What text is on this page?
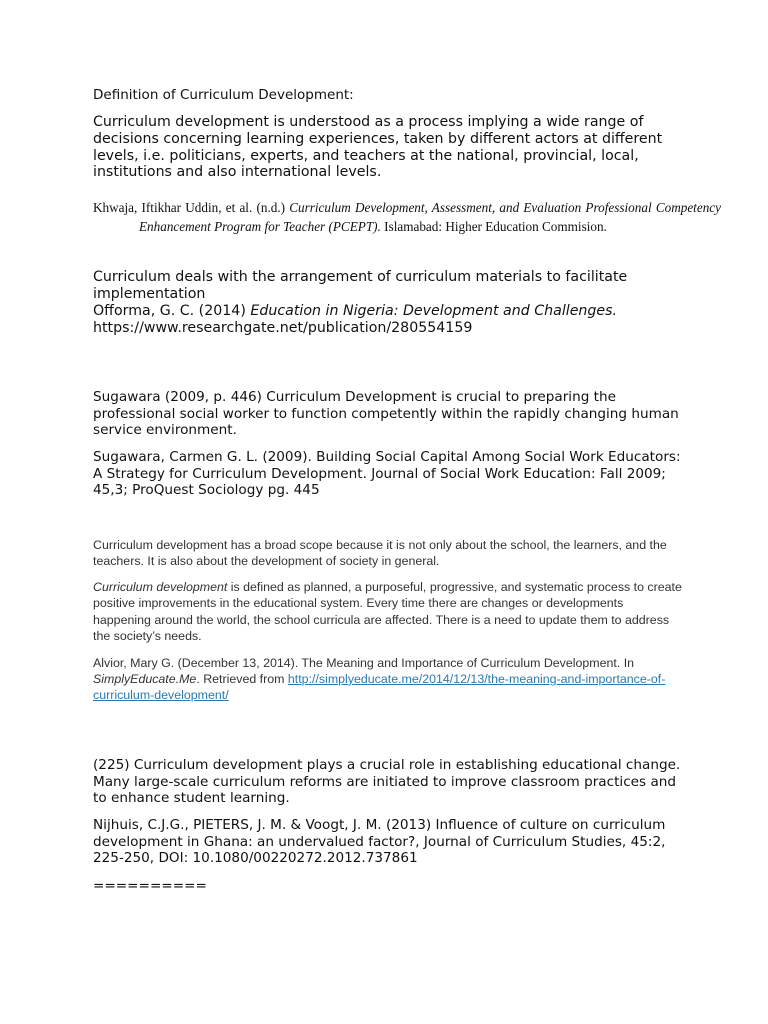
Definition of Curriculum Development:

Curriculum development is understood as a process implying a wide range of decisions concerning learning experiences, taken by different actors at different levels, i.e. politicians, experts, and teachers at the national, provincial, local, institutions and also international levels.

Khwaja, Iftikhar Uddin, et al. (n.d.) Curriculum Development, Assessment, and Evaluation Professional Competency Enhancement Program for Teacher (PCEPT). Islamabad: Higher Education Commision.

Curriculum deals with the arrangement of curriculum materials to facilitate implementation

Offorma, G. C. (2014) Education in Nigeria: Development and Challenges.
https://www.researchgate.net/publication/280554159

Sugawara (2009, p. 446) Curriculum Development is crucial to preparing the professional social worker to function competently within the rapidly changing human service environment.

Sugawara, Carmen G. L. (2009). Building Social Capital Among Social Work Educators: A Strategy for Curriculum Development. Journal of Social Work Education: Fall 2009; 45,3; ProQuest Sociology pg. 445

Curriculum development has a broad scope because it is not only about the school, the learners, and the teachers. It is also about the development of society in general.

Curriculum development is defined as planned, a purposeful, progressive, and systematic process to create positive improvements in the educational system. Every time there are changes or developments happening around the world, the school curricula are affected. There is a need to update them to address the society’s needs.

Alvior, Mary G. (December 13, 2014). The Meaning and Importance of Curriculum Development. In SimplyEducate.Me. Retrieved from http://simplyeducate.me/2014/12/13/the-meaning-and-importance-of-curriculum-development/

(225) Curriculum development plays a crucial role in establishing educational change. Many large-scale curriculum reforms are initiated to improve classroom practices and to enhance student learning.

Nijhuis, C.J.G., PIETERS, J. M. & Voogt, J. M. (2013) Influence of culture on curriculum development in Ghana: an undervalued factor?, Journal of Curriculum Studies, 45:2, 225-250, DOI: 10.1080/00220272.2012.737861

==========
